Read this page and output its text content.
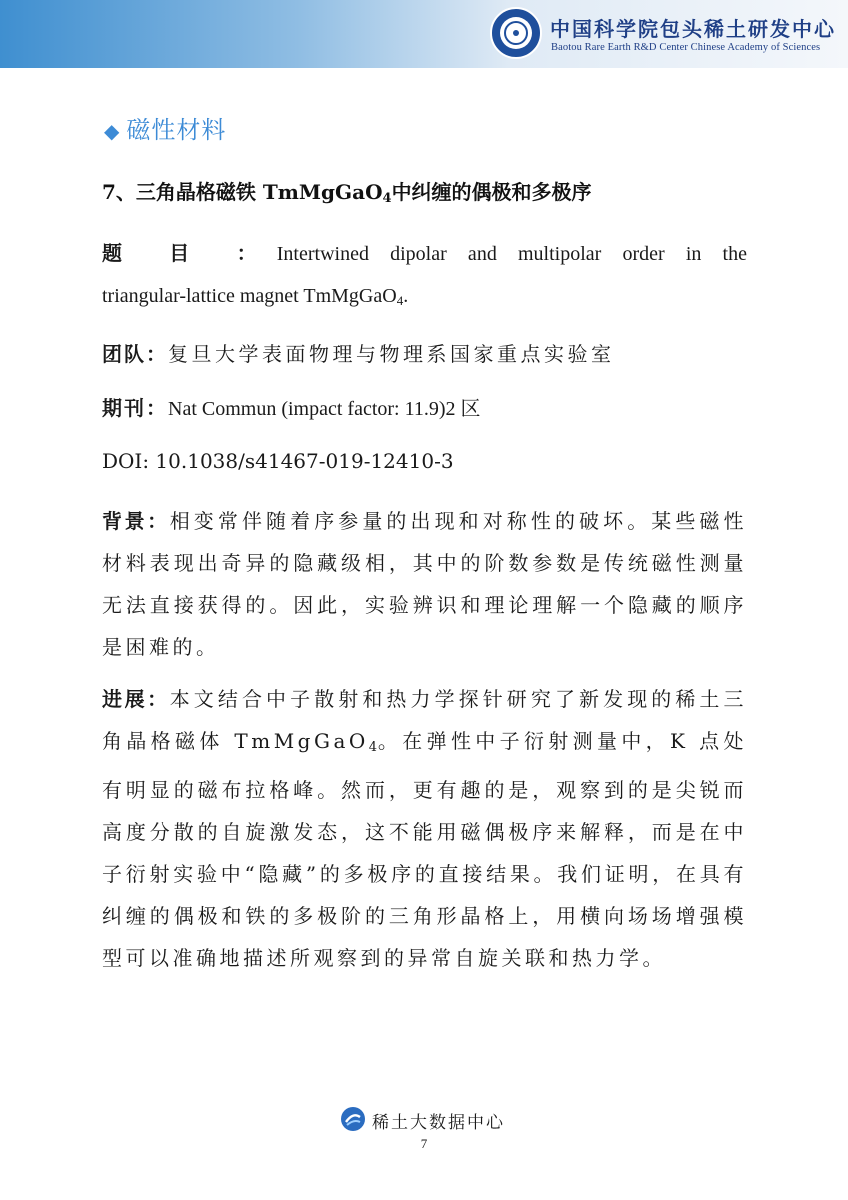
中国科学院包头稀土研发中心
Baotou Rare Earth R&D Center Chinese Academy of Sciences
◆ 磁性材料
7、三角晶格磁铁 TmMgGaO$_4$中纠缠的偶极和多极序
题 目 ：Intertwined dipolar and multipolar order in the
triangular-lattice magnet TmMgGaO$_4$.
团队：复旦大学表面物理与物理系国家重点实验室
期刊：Nat Commun (impact factor: 11.9)2 区
DOI: 10.1038/s41467-019-12410-3
背景：相变常伴随着序参量的出现和对称性的破坏。某些磁性材料表现出奇异的隐藏级相，其中的阶数参数是传统磁性测量无法直接获得的。因此，实验辨识和理论理解一个隐藏的顺序是困难的。
进展：本文结合中子散射和热力学探针研究了新发现的稀土三角晶格磁体 TmMgGaO$_4$。在弹性中子衍射测量中，K 点处有明显的磁布拉格峰。然而，更有趣的是，观察到的是尖锐而高度分散的自旋激发态，这不能用磁偶极序来解释，而是在中子衍射实验中“隐藏”的多极序的直接结果。我们证明，在具有纠缠的偶极和铁的多极阶的三角形晶格上，用横向场场增强模型可以准确地描述所观察到的异常自旋关联和热力学。
稀土大数据中心
7
